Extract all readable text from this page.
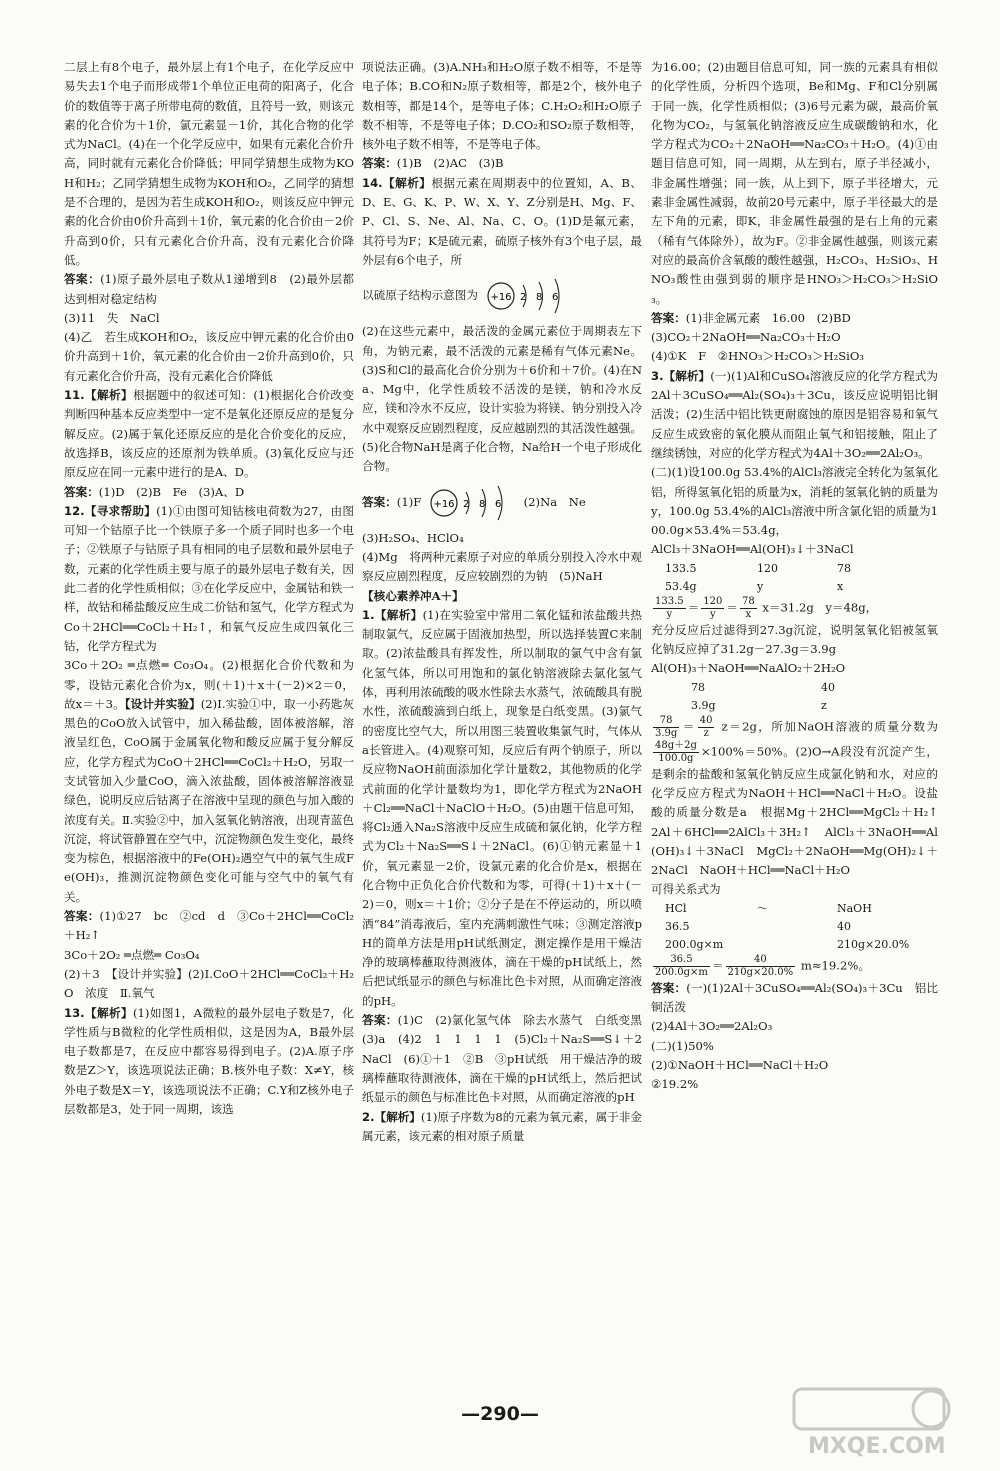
二层上有8个电子，最外层上有1个电子，在化学反应中易失去1个电子而形成带1个单位正电荷的阳离子，化合价的数值等于离子所带电荷的数值，且符号一致，则该元素的化合价为＋1价，氯元素显－1价，其化合物的化学式为NaCl。(4)在一个化学反应中，如果有元素化合价升高，同时就有元素化合价降低；甲同学猜想生成物为KOH和H₂；乙同学猜想生成物为KOH和O₂，乙同学的猜想是不合理的，是因为若生成KOH和O₂，则该反应中钾元素的化合价由0价升高到＋1价，氧元素的化合价由－2价升高到0价，只有元素化合价升高，没有元素化合价降低。

答案：(1)原子最外层电子数从1递增到8　(2)最外层都达到相对稳定结构

(3)11　失　NaCl

(4)乙　若生成KOH和O₂，该反应中钾元素的化合价由0价升高到＋1价，氧元素的化合价由－2价升高到0价，只有元素化合价升高，没有元素化合价降低

11.【解析】根据题中的叙述可知：(1)根据化合价改变判断四种基本反应类型中一定不是氧化还原反应的是复分解反应。(2)属于氧化还原反应的是化合价变化的反应，故选择B，该反应的还原剂为铁单质。(3)氧化反应与还原反应在同一元素中进行的是A、D。

答案：(1)D　(2)B　Fe　(3)A、D

12.【寻求帮助】(1)①由图可知钴核电荷数为27，由图可知一个钴原子比一个铁原子多一个质子同时也多一个电子；②铁原子与钴原子具有相同的电子层数和最外层电子数，元素的化学性质主要与原子的最外层电子数有关，因此二者的化学性质相似；③在化学反应中，金属钴和铁一样，故钴和稀盐酸反应生成二价钴和氢气，化学方程式为Co＋2HCl══CoCl₂＋H₂↑，和氧气反应生成四氧化三钴，化学方程式为

3Co＋2O₂ ═点燃═ Co₃O₄。(2)根据化合价代数和为零，设钴元素化合价为x，则(＋1)＋x＋(－2)×2＝0，故x＝＋3。【设计并实验】(2)Ⅰ.实验①中，取一小药匙灰黑色的CoO放入试管中，加入稀盐酸，固体被溶解，溶液呈红色，CoO属于金属氧化物和酸反应属于复分解反应，化学方程式为CoO＋2HCl══CoCl₂＋H₂O，另取一支试管加入少量CoO，滴入浓盐酸，固体被溶解溶液显绿色，说明反应后钴离子在溶液中呈现的颜色与加入酸的浓度有关。Ⅱ.实验②中，加入氢氧化钠溶液，出现青蓝色沉淀，将试管静置在空气中，沉淀物颜色发生变化，最终变为棕色，根据溶液中的Fe(OH)₂遇空气中的氧气生成Fe(OH)₃，推测沉淀物颜色变化可能与空气中的氧气有关。

答案：(1)①27　bc　②cd　d　③Co＋2HCl══CoCl₂＋H₂↑

3Co＋2O₂ ═点燃═ Co₃O₄

(2)＋3　【设计并实验】(2)Ⅰ.CoO＋2HCl══CoCl₂＋H₂O　浓度　Ⅱ.氧气

13.【解析】(1)如图1，A微粒的最外层电子数是7，化学性质与B微粒的化学性质相似，这是因为A，B最外层电子数都是7，在反应中都容易得到电子。(2)A.原子序数是Z＞Y，该选项说法正确；B.核外电子数：X≠Y，核外电子数是X＝Y，该选项说法不正确；C.Y和Z核外电子层数都是3，处于同一周期，该选

项说法正确。(3)A.NH₃和H₂O原子数不相等，不是等电子体；B.CO和N₂原子数相等，都是2个，核外电子数相等，都是14个，是等电子体；C.H₂O₂和H₂O原子数不相等，不是等电子体；D.CO₂和SO₂原子数相等，核外电子数不相等，不是等电子体。

答案：(1)B　(2)AC　(3)B

14.【解析】根据元素在周期表中的位置知，A、B、D、E、G、K、P、W、X、Y、Z分别是H、Mg、F、P、Cl、S、Ne、Al、Na、C、O。(1)D是氟元素，其符号为F；K是硫元素，硫原子核外有3个电子层，最外层有6个电子，所

以硫原子结构示意图为 +16 2 8 6

(2)在这些元素中，最活泼的金属元素位于周期表左下角，为钠元素，最不活泼的元素是稀有气体元素Ne。(3)S和Cl的最高化合价分别为＋6价和＋7价。(4)在Na、Mg中，化学性质较不活泼的是镁，钠和冷水反应，镁和冷水不反应，设计实验为将镁、钠分别投入冷水中观察反应剧烈程度，反应越剧烈的其活泼性越强。(5)化合物NaH是离子化合物，Na给H一个电子形成化合物。

答案：(1)F +16 2 8 6 (2)Na　Ne

(3)H₂SO₄、HClO₄

(4)Mg　将两种元素原子对应的单质分别投入冷水中观察反应剧烈程度，反应较剧烈的为钠　(5)NaH

【核心素养冲A＋】

1.【解析】(1)在实验室中常用二氧化锰和浓盐酸共热制取氯气，反应属于固液加热型，所以选择装置C来制取。(2)浓盐酸具有挥发性，所以制取的氯气中含有氯化氢气体，所以可用饱和的氯化钠溶液除去氯化氢气体，再利用浓硫酸的吸水性除去水蒸气，浓硫酸具有脱水性，浓硫酸滴到白纸上，现象是白纸变黑。(3)氯气的密度比空气大，所以用图三装置收集氯气时，气体从a长管进入。(4)观察可知，反应后有两个钠原子，所以反应物NaOH前面添加化学计量数2，其他物质的化学式前面的化学计量数均为1，即化学方程式为2NaOH＋Cl₂══NaCl＋NaClO＋H₂O。(5)由题干信息可知，将Cl₂通入Na₂S溶液中反应生成硫和氯化钠，化学方程式为Cl₂＋Na₂S══S↓＋2NaCl。(6)①钠元素显＋1价，氧元素显－2价，设氯元素的化合价是x，根据在化合物中正负化合价代数和为零，可得(＋1)＋x＋(－2)＝0，则x＝＋1价；②分子是在不停运动的，所以喷洒“84”消毒液后，室内充满刺激性气味；③测定溶液pH的简单方法是用pH试纸测定，测定操作是用干燥洁净的玻璃棒蘸取待测液体，滴在干燥的pH试纸上，然后把试纸显示的颜色与标准比色卡对照，从而确定溶液的pH。

答案：(1)C　(2)氯化氢气体　除去水蒸气　白纸变黑　(3)a　(4)2　1　1　1　1　(5)Cl₂＋Na₂S══S↓＋2NaCl　(6)①＋1　②B　③pH试纸　用干燥洁净的玻璃棒蘸取待测液体，滴在干燥的pH试纸上，然后把试纸显示的颜色与标准比色卡对照，从而确定溶液的pH

2.【解析】(1)原子序数为8的元素为氧元素，属于非金属元素，该元素的相对原子质量

为16.00；(2)由题目信息可知，同一族的元素具有相似的化学性质，分析四个选项，Be和Mg、F和Cl分别属于同一族，化学性质相似；(3)6号元素为碳，最高价氧化物为CO₂，与氢氧化钠溶液反应生成碳酸钠和水，化学方程式为CO₂＋2NaOH══Na₂CO₃＋H₂O。(4)①由题目信息可知，同一周期，从左到右，原子半径减小，非金属性增强；同一族，从上到下，原子半径增大，元素非金属性减弱，故前20号元素中，原子半径最大的是左下角的元素，即K，非金属性最强的是右上角的元素（稀有气体除外），故为F。②非金属性越强，则该元素对应的最高价含氧酸的酸性越强，H₂CO₃、H₂SiO₃、HNO₃酸性由强到弱的顺序是HNO₃＞H₂CO₃＞H₂SiO₃。

答案：(1)非金属元素　16.00　(2)BD

(3)CO₂＋2NaOH══Na₂CO₃＋H₂O

(4)①K　F　②HNO₃＞H₂CO₃＞H₂SiO₃

3.【解析】(一)(1)Al和CuSO₄溶液反应的化学方程式为2Al＋3CuSO₄══Al₂(SO₄)₃＋3Cu，该反应说明铝比铜活泼；(2)生活中铝比铁更耐腐蚀的原因是铝容易和氧气反应生成致密的氧化膜从而阻止氧气和铝接触，阻止了继续锈蚀，对应的化学方程式为4Al＋3O₂══2Al₂O₃。

(二)(1)设100.0g 53.4%的AlCl₃溶液完全转化为氢氧化铝，所得氢氧化铝的质量为x，消耗的氢氧化钠的质量为y，100.0g 53.4%的AlCl₃溶液中所含氯化铝的质量为100.0g×53.4%＝53.4g，

AlCl₃＋3NaOH══Al(OH)₃↓＋3NaCl

133.5	120	78
53.4g	y	x

$\frac{133.5}{y} = \frac{120}{y} = \frac{78}{x} x=31.2g$　y＝48g，

充分反应后过滤得到27.3g沉淀，说明氢氧化铝被氢氧化钠反应掉了31.2g－27.3g＝3.9g

Al(OH)₃＋NaOH══NaAlO₂＋2H₂O

78	40
3.9g	z

$\frac{78}{3.9g} = \frac{40}{z} z=2g$，所加NaOH溶液的质量分数为
$\frac{48g+2g}{100.0g} \times 100\%=50\%$。(2)O→A段没有沉淀产生，是剩余的盐酸和氢氧化钠反应生成氯化钠和水，对应的化学反应方程式为NaOH＋HCl══NaCl＋H₂O。设盐酸的质量分数是a　根据Mg＋2HCl══MgCl₂＋H₂↑　2Al＋6HCl══2AlCl₃＋3H₂↑　AlCl₃＋3NaOH══Al(OH)₃↓＋3NaCl　MgCl₂＋2NaOH══Mg(OH)₂↓＋2NaCl　NaOH＋HCl══NaCl＋H₂O

可得关系式为

HCl	～	NaOH
36.5	40
200.0g×m	210g×20.0%

$\frac{36.5}{200.0g\times m} = \frac{40}{210g\times 20.0\%} m\approx 19.2\%$。

答案：(一)(1)2Al＋3CuSO₄══Al₂(SO₄)₃＋3Cu　铝比铜活泼

(2)4Al＋3O₂══2Al₂O₃

(二)(1)50%

(2)①NaOH＋HCl══NaCl＋H₂O

②19.2%

—290—
MXQE.COM
